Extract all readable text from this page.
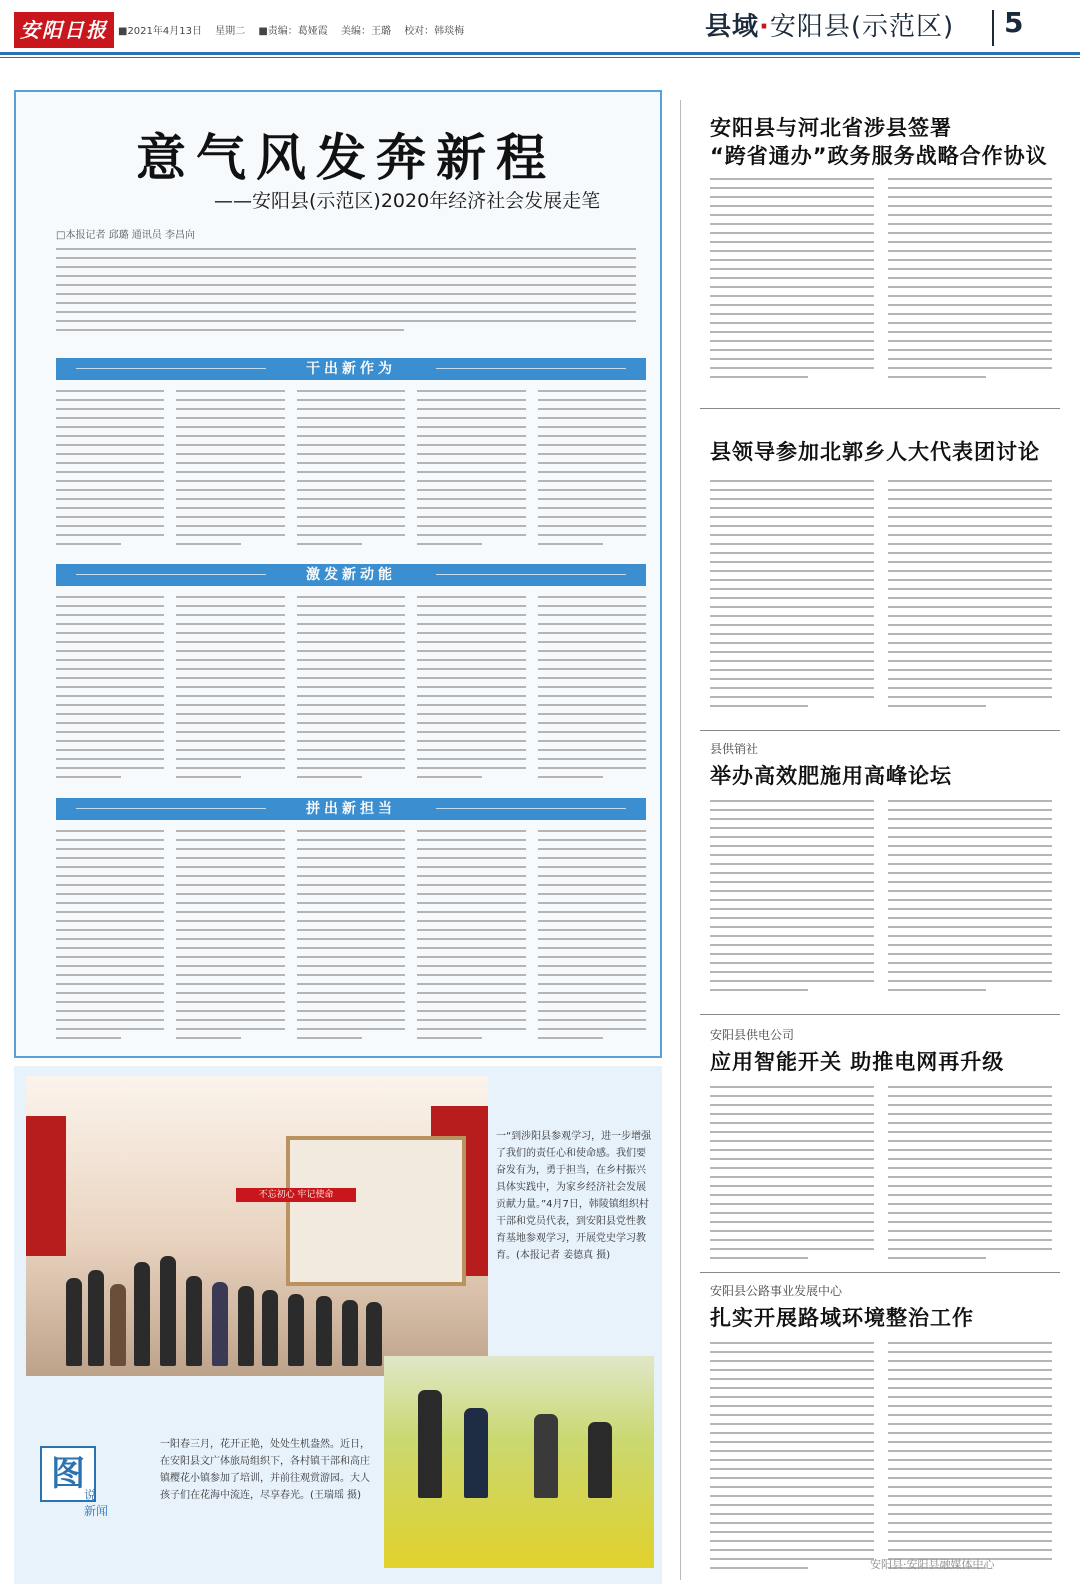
安阳日报	■2021年4月13日 星期二 ■责编：葛娅霞 美编：王璐 校对：韩琰梅	县域·安阳县(示范区) 5
意气风发奔新程
——安阳县(示范区)2020年经济社会发展走笔
□本报记者 邱璐 通讯员 李昌向
干出新作为
激发新动能
拼出新担当
安阳县与河北省涉县签署
“跨省通办”政务服务战略合作协议
县领导参加北郭乡人大代表团讨论
县供销社
举办高效肥施用高峰论坛
安阳县供电公司
应用智能开关 助推电网再升级
安阳县公路事业发展中心
扎实开展路域环境整治工作
不忘初心 牢记使命
一“到涉阳县参观学习，进一步增强了我们的责任心和使命感。我们要奋发有为，勇于担当，在乡村振兴具体实践中，为家乡经济社会发展贡献力量。”4月7日，韩陵镇组织村干部和党员代表，到安阳县党性教育基地参观学习，开展党史学习教育。(本报记者 姜德真 摄)
图
说
新闻
一阳春三月，花开正艳，处处生机盎然。近日，在安阳县文广体旅局组织下，各村镇干部和高庄镇樱花小镇参加了培训，并前往观赏游园。大人孩子们在花海中流连，尽享春光。(王瑞瑶 摄)
安阳县·安阳县融媒体中心
